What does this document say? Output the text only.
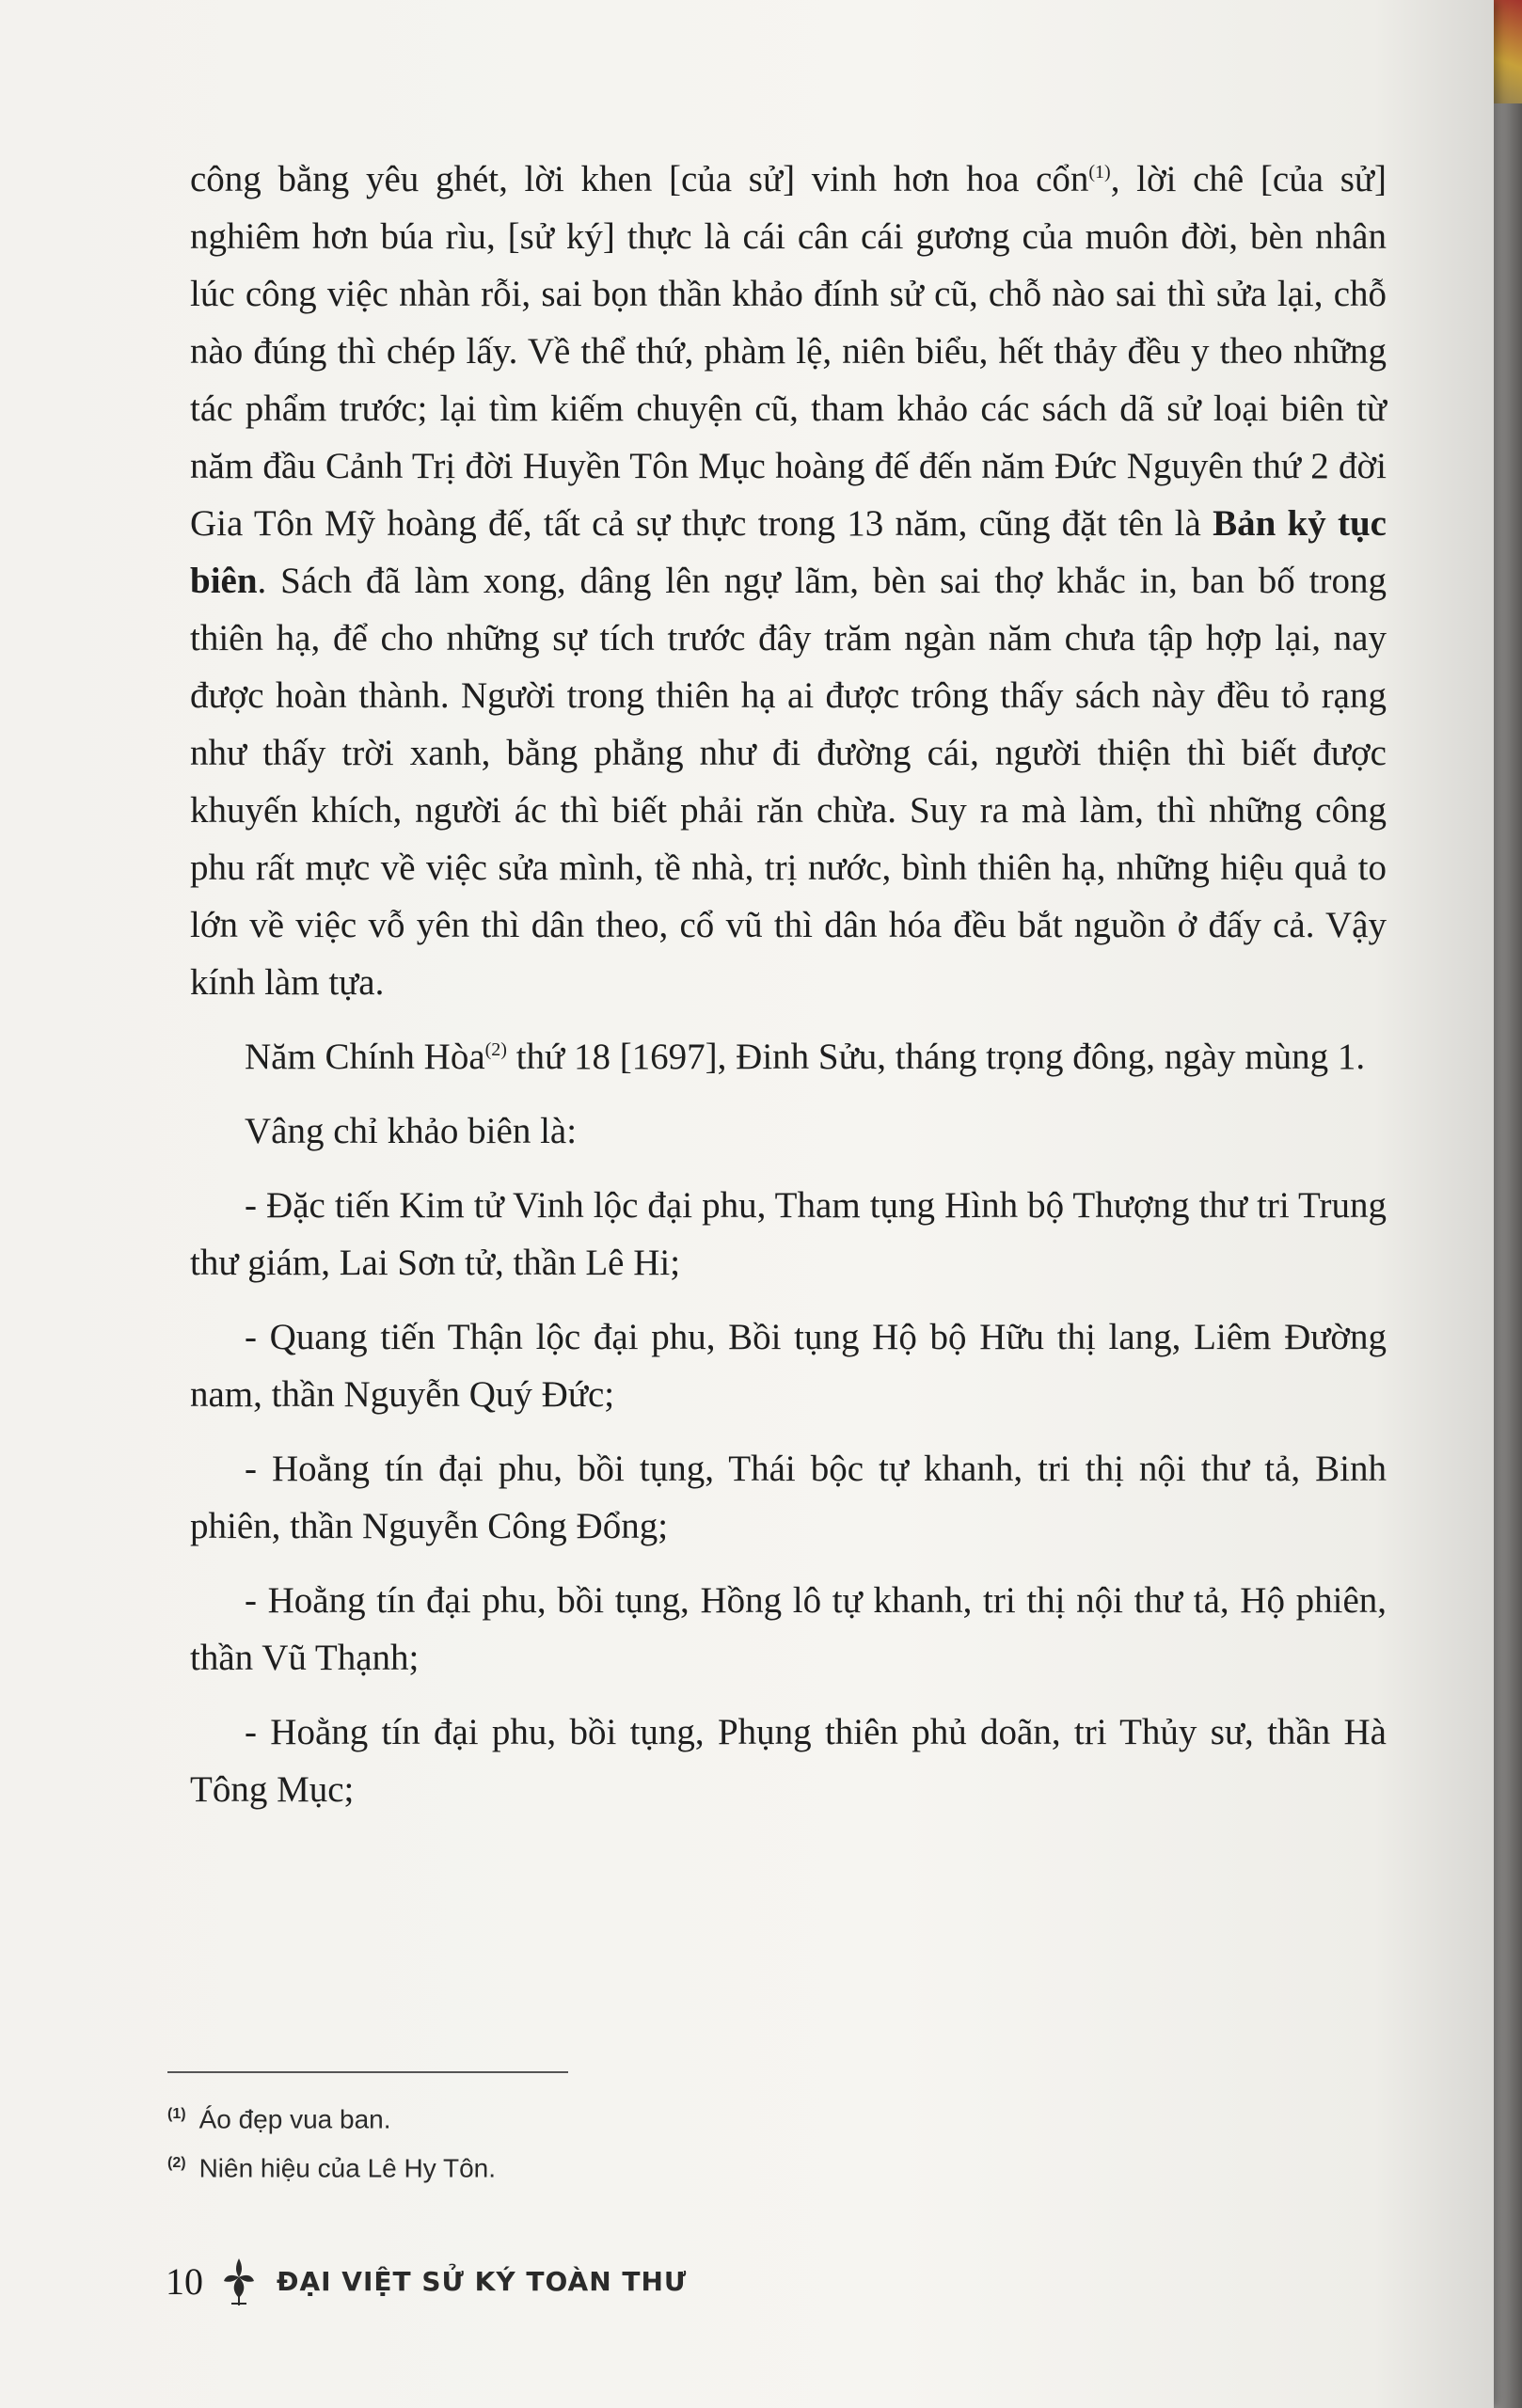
công bằng yêu ghét, lời khen [của sử] vinh hơn hoa cổn$^{(1)}$, lời chê [của sử] nghiêm hơn búa rìu, [sử ký] thực là cái cân cái gương của muôn đời, bèn nhân lúc công việc nhàn rỗi, sai bọn thần khảo đính sử cũ, chỗ nào sai thì sửa lại, chỗ nào đúng thì chép lấy. Về thể thứ, phàm lệ, niên biểu, hết thảy đều y theo những tác phẩm trước; lại tìm kiếm chuyện cũ, tham khảo các sách dã sử loại biên từ năm đầu Cảnh Trị đời Huyền Tôn Mục hoàng đế đến năm Đức Nguyên thứ 2 đời Gia Tôn Mỹ hoàng đế, tất cả sự thực trong 13 năm, cũng đặt tên là Bản kỷ tục biên. Sách đã làm xong, dâng lên ngự lãm, bèn sai thợ khắc in, ban bố trong thiên hạ, để cho những sự tích trước đây trăm ngàn năm chưa tập hợp lại, nay được hoàn thành. Người trong thiên hạ ai được trông thấy sách này đều tỏ rạng như thấy trời xanh, bằng phẳng như đi đường cái, người thiện thì biết được khuyến khích, người ác thì biết phải răn chừa. Suy ra mà làm, thì những công phu rất mực về việc sửa mình, tề nhà, trị nước, bình thiên hạ, những hiệu quả to lớn về việc vỗ yên thì dân theo, cổ vũ thì dân hóa đều bắt nguồn ở đấy cả. Vậy kính làm tựa.

Năm Chính Hòa$^{(2)}$ thứ 18 [1697], Đinh Sửu, tháng trọng đông, ngày mùng 1.

Vâng chỉ khảo biên là:

- Đặc tiến Kim tử Vinh lộc đại phu, Tham tụng Hình bộ Thượng thư tri Trung thư giám, Lai Sơn tử, thần Lê Hi;

- Quang tiến Thận lộc đại phu, Bồi tụng Hộ bộ Hữu thị lang, Liêm Đường nam, thần Nguyễn Quý Đức;

- Hoằng tín đại phu, bồi tụng, Thái bộc tự khanh, tri thị nội thư tả, Binh phiên, thần Nguyễn Công Đổng;

- Hoằng tín đại phu, bồi tụng, Hồng lô tự khanh, tri thị nội thư tả, Hộ phiên, thần Vũ Thạnh;

- Hoằng tín đại phu, bồi tụng, Phụng thiên phủ doãn, tri Thủy sư, thần Hà Tông Mục;

$^{(1)}$ Áo đẹp vua ban.
$^{(2)}$ Niên hiệu của Lê Hy Tôn.
10	ĐẠI VIỆT SỬ KÝ TOÀN THƯ
